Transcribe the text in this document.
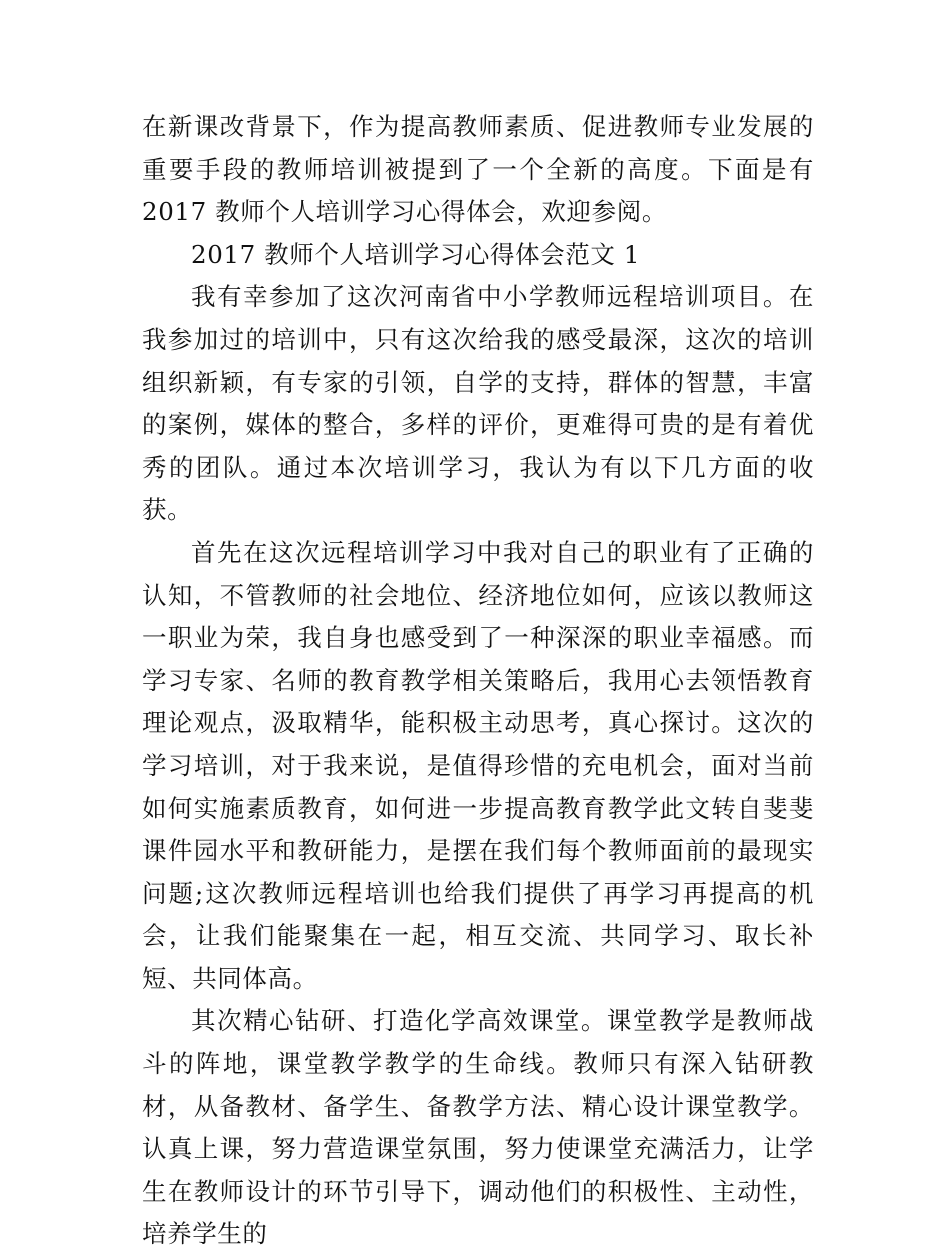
在新课改背景下，作为提高教师素质、促进教师专业发展的重要手段的教师培训被提到了一个全新的高度。下面是有 2017 教师个人培训学习心得体会，欢迎参阅。

2017 教师个人培训学习心得体会范文 1

我有幸参加了这次河南省中小学教师远程培训项目。在我参加过的培训中，只有这次给我的感受最深，这次的培训组织新颖，有专家的引领，自学的支持，群体的智慧，丰富的案例，媒体的整合，多样的评价，更难得可贵的是有着优秀的团队。通过本次培训学习，我认为有以下几方面的收获。

首先在这次远程培训学习中我对自己的职业有了正确的认知，不管教师的社会地位、经济地位如何，应该以教师这一职业为荣，我自身也感受到了一种深深的职业幸福感。而学习专家、名师的教育教学相关策略后，我用心去领悟教育理论观点，汲取精华，能积极主动思考，真心探讨。这次的学习培训，对于我来说，是值得珍惜的充电机会，面对当前如何实施素质教育，如何进一步提高教育教学此文转自斐斐课件园水平和教研能力，是摆在我们每个教师面前的最现实问题;这次教师远程培训也给我们提供了再学习再提高的机会，让我们能聚集在一起，相互交流、共同学习、取长补短、共同体高。

其次精心钻研、打造化学高效课堂。课堂教学是教师战斗的阵地，课堂教学教学的生命线。教师只有深入钻研教材，从备教材、备学生、备教学方法、精心设计课堂教学。认真上课，努力营造课堂氛围，努力使课堂充满活力，让学生在教师设计的环节引导下，调动他们的积极性、主动性，培养学生的
